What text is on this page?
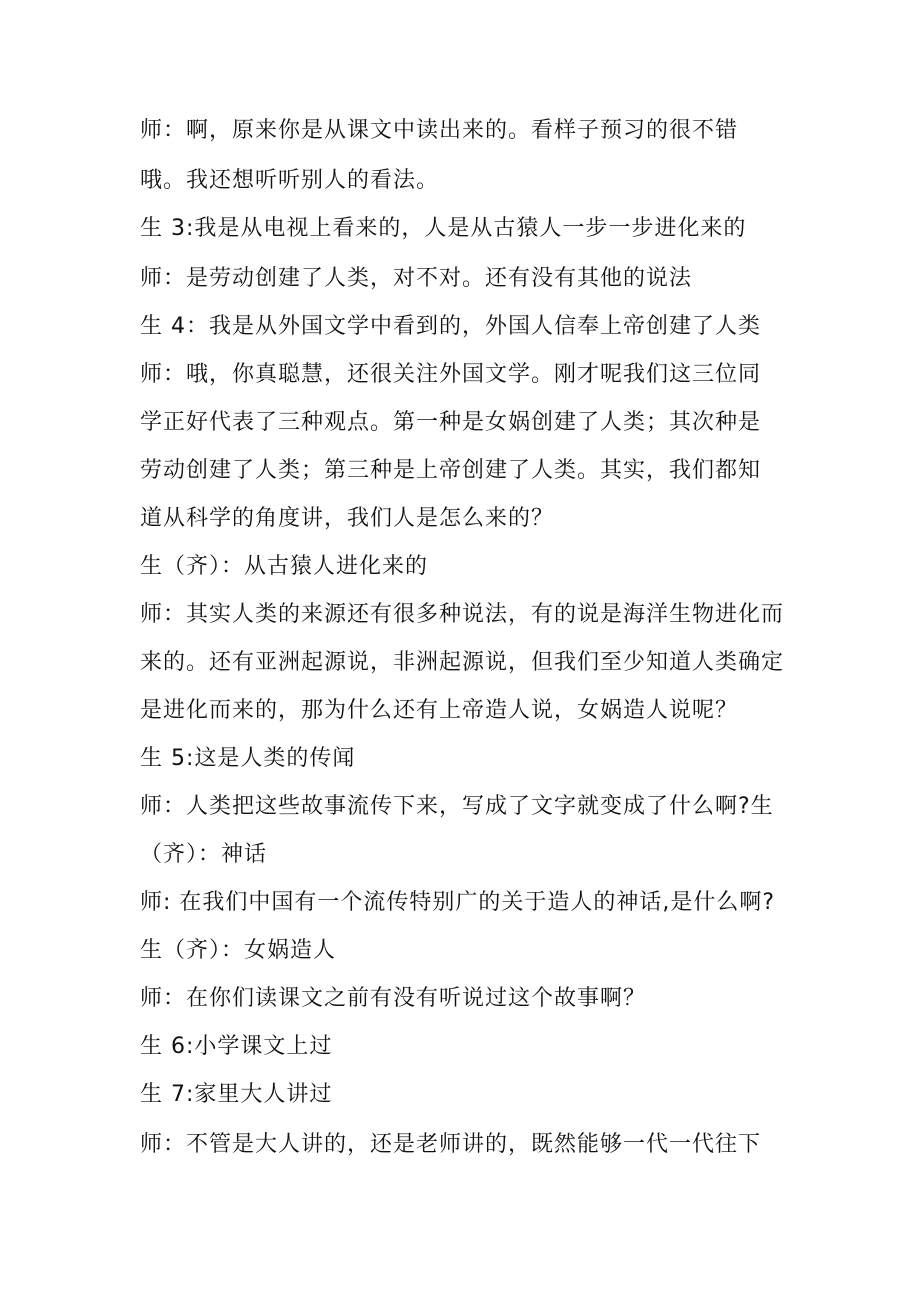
师：啊，原来你是从课文中读出来的。看样子预习的很不错
哦。我还想听听别人的看法。
生 3:我是从电视上看来的，人是从古猿人一步一步进化来的
师：是劳动创建了人类，对不对。还有没有其他的说法
生 4：我是从外国文学中看到的，外国人信奉上帝创建了人类
师：哦，你真聪慧，还很关注外国文学。刚才呢我们这三位同
学正好代表了三种观点。第一种是女娲创建了人类；其次种是
劳动创建了人类；第三种是上帝创建了人类。其实，我们都知
道从科学的角度讲，我们人是怎么来的？
生（齐）：从古猿人进化来的
师：其实人类的来源还有很多种说法，有的说是海洋生物进化而
来的。还有亚洲起源说，非洲起源说，但我们至少知道人类确定
是进化而来的，那为什么还有上帝造人说，女娲造人说呢？
生 5:这是人类的传闻
师：人类把这些故事流传下来，写成了文字就变成了什么啊?生
（齐）：神话
师: 在我们中国有一个流传特别广的关于造人的神话,是什么啊?
生（齐）：女娲造人
师：在你们读课文之前有没有听说过这个故事啊？
生 6:小学课文上过
生 7:家里大人讲过
师：不管是大人讲的，还是老师讲的，既然能够一代一代往下
